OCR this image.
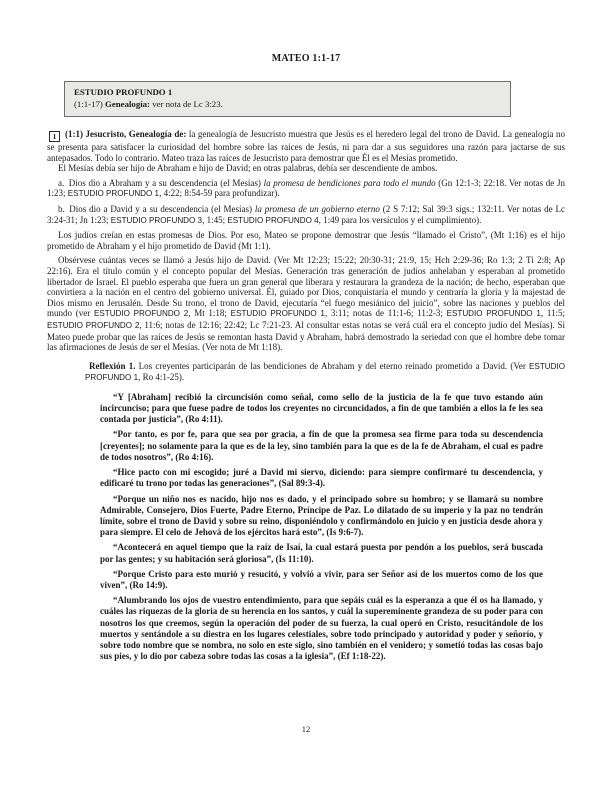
MATEO 1:1-17

ESTUDIO PROFUNDO 1

(1:1-17) Genealogía: ver nota de Lc 3:23.

1 (1:1) Jesucristo, Genealogía de: la genealogía de Jesucristo muestra que Jesús es el heredero legal del trono de David. La genealogía no se presenta para satisfacer la curiosidad del hombre sobre las raíces de Jesús, ni para dar a sus seguidores una razón para jactarse de sus antepasados. Todo lo contrario. Mateo traza las raíces de Jesucristo para demostrar que Él es el Mesías prometido.

El Mesías debía ser hijo de Abraham e hijo de David; en otras palabras, debía ser descendiente de ambos.

a. Dios dio a Abraham y a su descendencia (el Mesías) la promesa de bendiciones para todo el mundo (Gn 12:1-3; 22:18. Ver notas de Jn 1:23; ESTUDIO PROFUNDO 1, 4:22; 8:54-59 para profundizar).

b. Dios dio a David y a su descendencia (el Mesías) la promesa de un gobierno eterno (2 S 7:12; Sal 39:3 sigs.; 132:11. Ver notas de Lc 3:24-31; Jn 1:23; ESTUDIO PROFUNDO 3, 1:45; ESTUDIO PROFUNDO 4, 1:49 para los versículos y el cumplimiento).

Los judíos creían en estas promesas de Dios. Por eso, Mateo se propone demostrar que Jesús “llamado el Cristo”, (Mt 1:16) es el hijo prometido de Abraham y el hijo prometido de David (Mt 1:1).

Obsérvese cuántas veces se llamó a Jesús hijo de David. (Ver Mt 12:23; 15:22; 20:30-31; 21:9, 15; Hch 2:29-36; Ro 1:3; 2 Ti 2:8; Ap 22:16). Era el título común y el concepto popular del Mesías. Generación tras generación de judíos anhelaban y esperaban al prometido libertador de Israel. El pueblo esperaba que fuera un gran general que liberara y restaurara la grandeza de la nación; de hecho, esperaban que convirtiera a la nación en el centro del gobierno universal. Él, guiado por Dios, conquistaría el mundo y centraría la gloria y la majestad de Dios mismo en Jerusalén. Desde Su trono, el trono de David, ejecutaría “el fuego mesiánico del juicio”, sobre las naciones y pueblos del mundo (ver ESTUDIO PROFUNDO 2, Mt 1:18; ESTUDIO PROFUNDO 1, 3:11; notas de 11:1-6; 11:2-3; ESTUDIO PROFUNDO 1, 11:5; ESTUDIO PROFUNDO 2, 11:6; notas de 12:16; 22:42; Lc 7:21-23. Al consultar estas notas se verá cuál era el concepto judío del Mesías). Si Mateo puede probar que las raíces de Jesús se remontan hasta David y Abraham, habrá demostrado la seriedad con que el hombre debe tomar las afirmaciones de Jesús de ser el Mesías. (Ver nota de Mt 1:18).

Reflexión 1. Los creyentes participarán de las bendiciones de Abraham y del eterno reinado prometido a David. (Ver ESTUDIO PROFUNDO 1, Ro 4:1-25).

“Y [Abraham] recibió la circuncisión como señal, como sello de la justicia de la fe que tuvo estando aún incircunciso; para que fuese padre de todos los creyentes no circuncidados, a fin de que también a ellos la fe les sea contada por justicia”, (Ro 4:11).

“Por tanto, es por fe, para que sea por gracia, a fin de que la promesa sea firme para toda su descendencia [creyentes]; no solamente para la que es de la ley, sino también para la que es de la fe de Abraham, el cual es padre de todos nosotros”, (Ro 4:16).

“Hice pacto con mi escogido; juré a David mi siervo, diciendo: para siempre confirmaré tu descendencia, y edificaré tu trono por todas las generaciones”, (Sal 89:3-4).

“Porque un niño nos es nacido, hijo nos es dado, y el principado sobre su hombro; y se llamará su nombre Admirable, Consejero, Dios Fuerte, Padre Eterno, Príncipe de Paz. Lo dilatado de su imperio y la paz no tendrán límite, sobre el trono de David y sobre su reino, disponiéndolo y confirmándolo en juicio y en justicia desde ahora y para siempre. El celo de Jehová de los ejércitos hará esto”, (Is 9:6-7).

“Acontecerá en aquel tiempo que la raíz de Isaí, la cual estará puesta por pendón a los pueblos, será buscada por las gentes; y su habitación será gloriosa”, (Is 11:10).

“Porque Cristo para esto murió y resucitó, y volvió a vivir, para ser Señor así de los muertos como de los que viven”, (Ro 14:9).

“Alumbrando los ojos de vuestro entendimiento, para que sepáis cuál es la esperanza a que él os ha llamado, y cuáles las riquezas de la gloria de su herencia en los santos, y cuál la supereminente grandeza de su poder para con nosotros los que creemos, según la operación del poder de su fuerza, la cual operó en Cristo, resucitándole de los muertos y sentándole a su diestra en los lugares celestiales, sobre todo principado y autoridad y poder y señorío, y sobre todo nombre que se nombra, no solo en este siglo, sino también en el venidero; y sometió todas las cosas bajo sus pies, y lo dio por cabeza sobre todas las cosas a la iglesia”, (Ef 1:18-22).

12
